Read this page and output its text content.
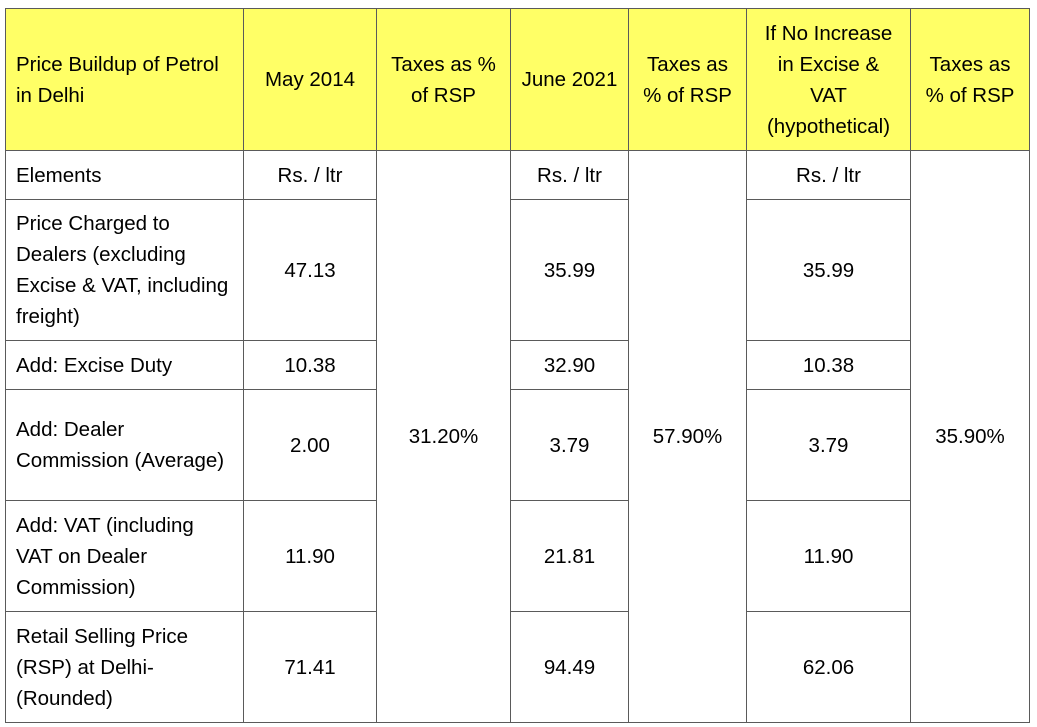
Price Buildup of Petrol in Delhi	May 2014	Taxes as % of RSP	June 2021	Taxes as % of RSP	If No Increase in Excise & VAT (hypothetical)	Taxes as % of RSP
Elements	Rs. / ltr	31.20%	Rs. / ltr	57.90%	Rs. / ltr	35.90%
Price Charged to Dealers (excluding Excise & VAT, including freight)	47.13		35.99		35.99	
Add: Excise Duty	10.38		32.90		10.38	
Add: Dealer Commission (Average)	2.00		3.79		3.79	
Add: VAT (including VAT on Dealer Commission)	11.90		21.81		11.90	
Retail Selling Price (RSP) at Delhi-(Rounded)	71.41		94.49		62.06	
